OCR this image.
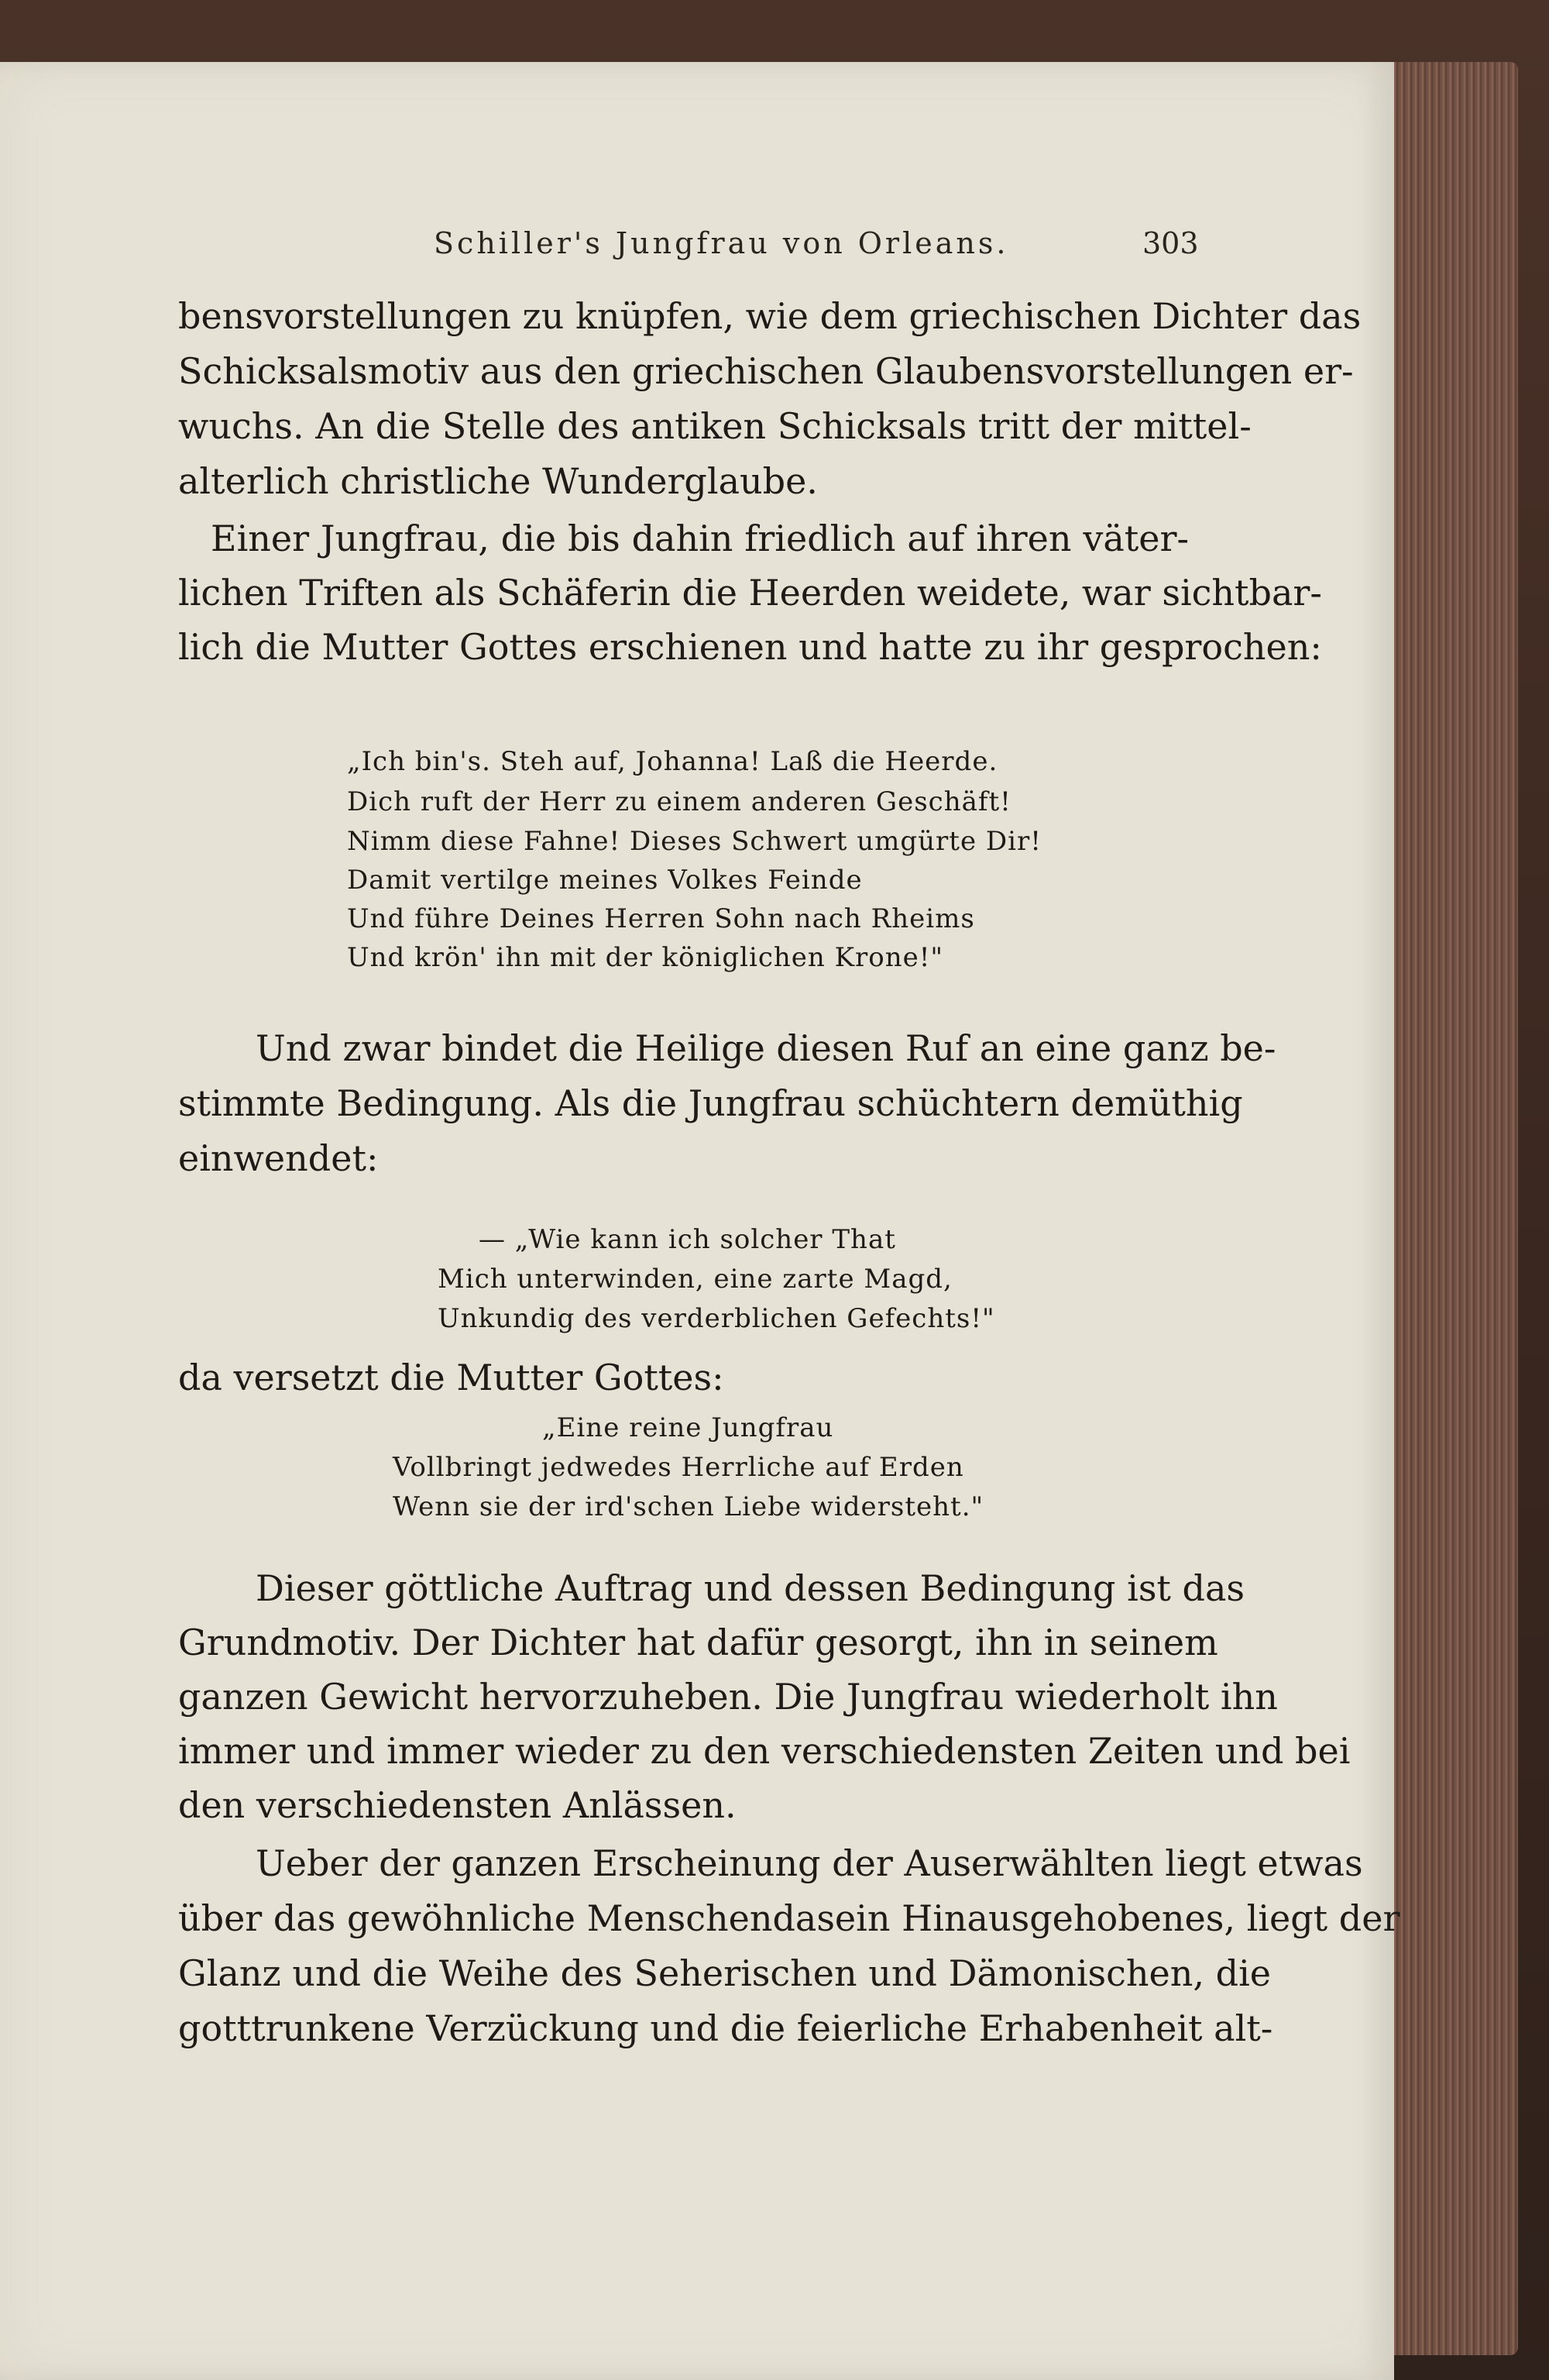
Schiller's Jungfrau von Orleans.	303
bensvorstellungen zu knüpfen, wie dem griechischen Dichter das
Schicksalsmotiv aus den griechischen Glaubensvorstellungen er-
wuchs. An die Stelle des antiken Schicksals tritt der mittel-
alterlich christliche Wunderglaube.
Einer Jungfrau, die bis dahin friedlich auf ihren väter-
lichen Triften als Schäferin die Heerden weidete, war sichtbar-
lich die Mutter Gottes erschienen und hatte zu ihr gesprochen:
„Ich bin's. Steh auf, Johanna! Laß die Heerde.
Dich ruft der Herr zu einem anderen Geschäft!
Nimm diese Fahne! Dieses Schwert umgürte Dir!
Damit vertilge meines Volkes Feinde
Und führe Deines Herren Sohn nach Rheims
Und krön' ihn mit der königlichen Krone!"
Und zwar bindet die Heilige diesen Ruf an eine ganz be-
stimmte Bedingung. Als die Jungfrau schüchtern demüthig
einwendet:
— „Wie kann ich solcher That
Mich unterwinden, eine zarte Magd,
Unkundig des verderblichen Gefechts!"
da versetzt die Mutter Gottes:
„Eine reine Jungfrau
Vollbringt jedwedes Herrliche auf Erden
Wenn sie der ird'schen Liebe widersteht."
Dieser göttliche Auftrag und dessen Bedingung ist das
Grundmotiv. Der Dichter hat dafür gesorgt, ihn in seinem
ganzen Gewicht hervorzuheben. Die Jungfrau wiederholt ihn
immer und immer wieder zu den verschiedensten Zeiten und bei
den verschiedensten Anlässen.
Ueber der ganzen Erscheinung der Auserwählten liegt etwas
über das gewöhnliche Menschendasein Hinausgehobenes, liegt der
Glanz und die Weihe des Seherischen und Dämonischen, die
gotttrunkene Verzückung und die feierliche Erhabenheit alt-
